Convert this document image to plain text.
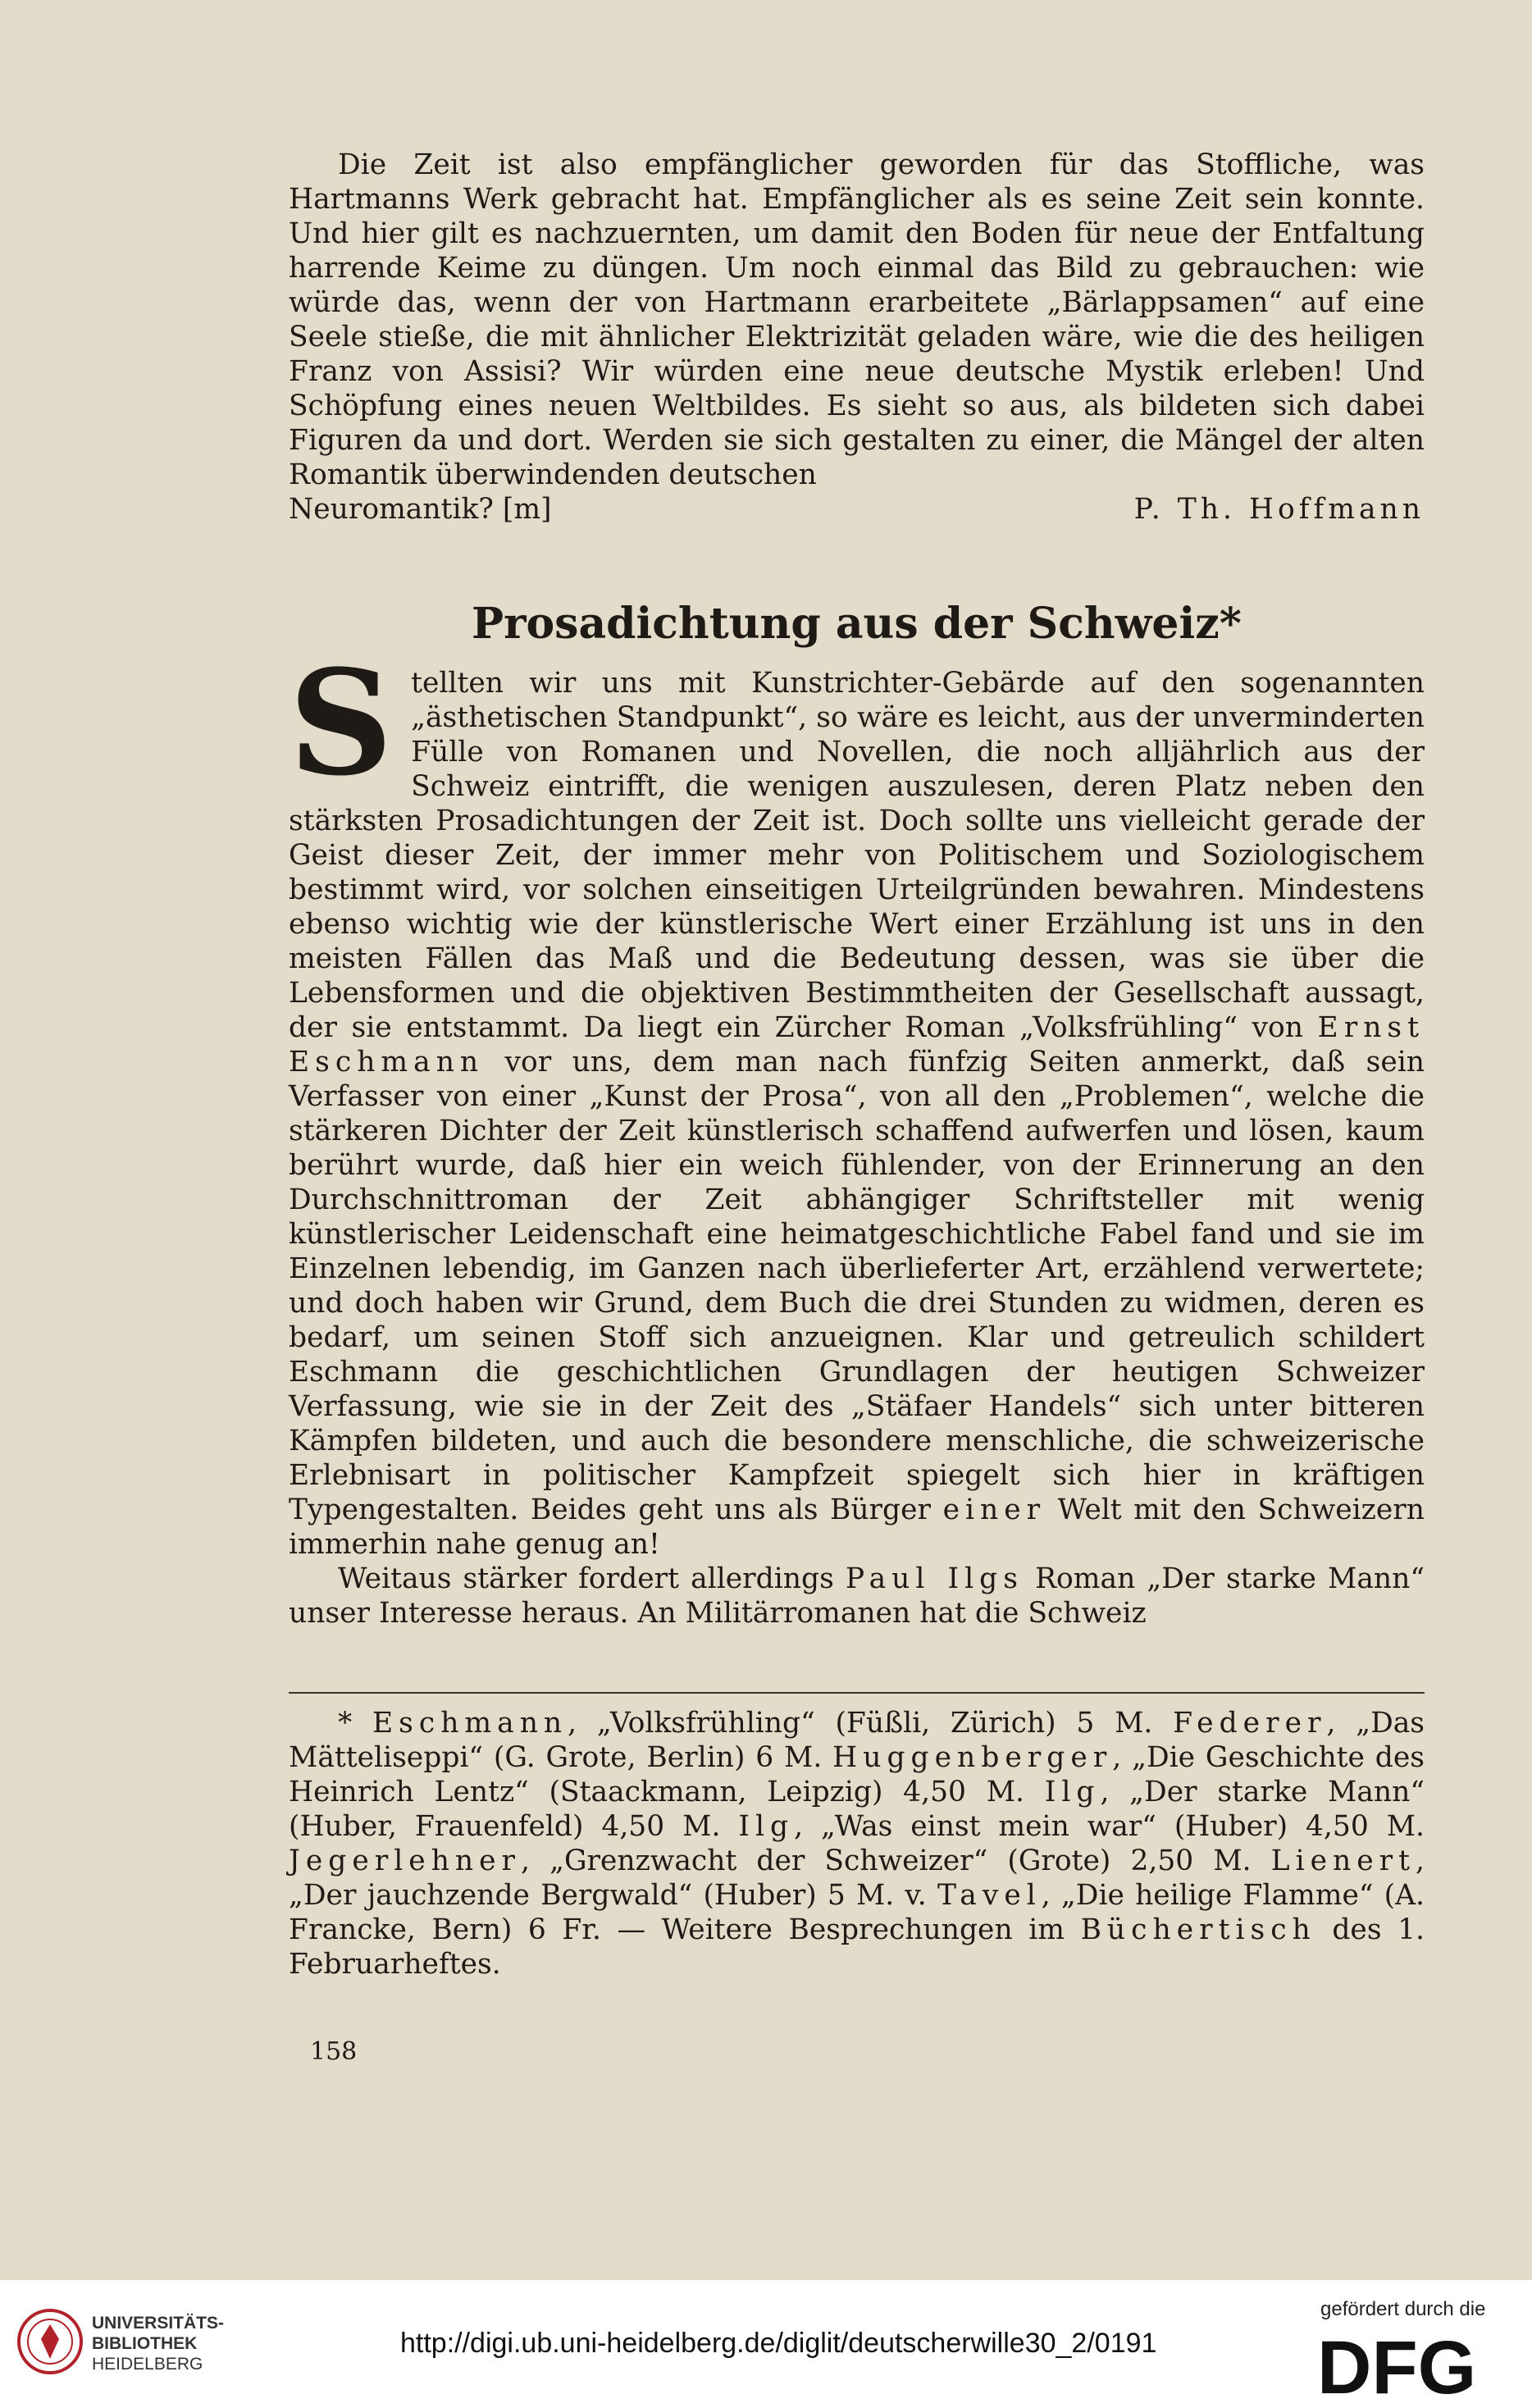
Die Zeit ist also empfänglicher geworden für das Stoffliche, was Hartmanns Werk gebracht hat. Empfänglicher als es seine Zeit sein konnte. Und hier gilt es nachzuernten, um damit den Boden für neue der Entfaltung harrende Keime zu düngen. Um noch einmal das Bild zu gebrauchen: wie würde das, wenn der von Hartmann erarbeitete „Bärlappsamen“ auf eine Seele stieße, die mit ähnlicher Elektrizität geladen wäre, wie die des heiligen Franz von Assisi? Wir würden eine neue deutsche Mystik erleben! Und Schöpfung eines neuen Weltbildes. Es sieht so aus, als bildeten sich dabei Figuren da und dort. Werden sie sich gestalten zu einer, die Mängel der alten Romantik überwindenden deutschen

Neuromantik? [m]	P. Th. Hoffmann
Prosadichtung aus der Schweiz*

Stellten wir uns mit Kunstrichter-Gebärde auf den sogenannten „ästhetischen Standpunkt“, so wäre es leicht, aus der unverminderten Fülle von Romanen und Novellen, die noch alljährlich aus der Schweiz eintrifft, die wenigen auszulesen, deren Platz neben den stärksten Prosadichtungen der Zeit ist. Doch sollte uns vielleicht gerade der Geist dieser Zeit, der immer mehr von Politischem und Soziologischem bestimmt wird, vor solchen einseitigen Urteilgründen bewahren. Mindestens ebenso wichtig wie der künstlerische Wert einer Erzählung ist uns in den meisten Fällen das Maß und die Bedeutung dessen, was sie über die Lebensformen und die objektiven Bestimmtheiten der Gesellschaft aussagt, der sie entstammt. Da liegt ein Zürcher Roman „Volksfrühling“ von Ernst Eschmann vor uns, dem man nach fünfzig Seiten anmerkt, daß sein Verfasser von einer „Kunst der Prosa“, von all den „Problemen“, welche die stärkeren Dichter der Zeit künstlerisch schaffend aufwerfen und lösen, kaum berührt wurde, daß hier ein weich fühlender, von der Erinnerung an den Durchschnittroman der Zeit abhängiger Schriftsteller mit wenig künstlerischer Leidenschaft eine heimatgeschichtliche Fabel fand und sie im Einzelnen lebendig, im Ganzen nach überlieferter Art, erzählend verwertete; und doch haben wir Grund, dem Buch die drei Stunden zu widmen, deren es bedarf, um seinen Stoff sich anzueignen. Klar und getreulich schildert Eschmann die geschichtlichen Grundlagen der heutigen Schweizer Verfassung, wie sie in der Zeit des „Stäfaer Handels“ sich unter bitteren Kämpfen bildeten, und auch die besondere menschliche, die schweizerische Erlebnisart in politischer Kampfzeit spiegelt sich hier in kräftigen Typengestalten. Beides geht uns als Bürger einer Welt mit den Schweizern immerhin nahe genug an!

Weitaus stärker fordert allerdings Paul Ilgs Roman „Der starke Mann“ unser Interesse heraus. An Militärromanen hat die Schweiz

* Eschmann, „Volksfrühling“ (Füßli, Zürich) 5 M. Federer, „Das Mätteliseppi“ (G. Grote, Berlin) 6 M. Huggenberger, „Die Geschichte des Heinrich Lentz“ (Staackmann, Leipzig) 4,50 M. Ilg, „Der starke Mann“ (Huber, Frauenfeld) 4,50 M. Ilg, „Was einst mein war“ (Huber) 4,50 M. Jegerlehner, „Grenzwacht der Schweizer“ (Grote) 2,50 M. Lienert, „Der jauchzende Bergwald“ (Huber) 5 M. v. Tavel, „Die heilige Flamme“ (A. Francke, Bern) 6 Fr. — Weitere Besprechungen im Büchertisch des 1. Februarheftes.

158
UNIVERSITÄTS-
BIBLIOTHEK
HEIDELBERG
http://digi.ub.uni-heidelberg.de/diglit/deutscherwille30_2/0191
gefördert durch die
DFG
